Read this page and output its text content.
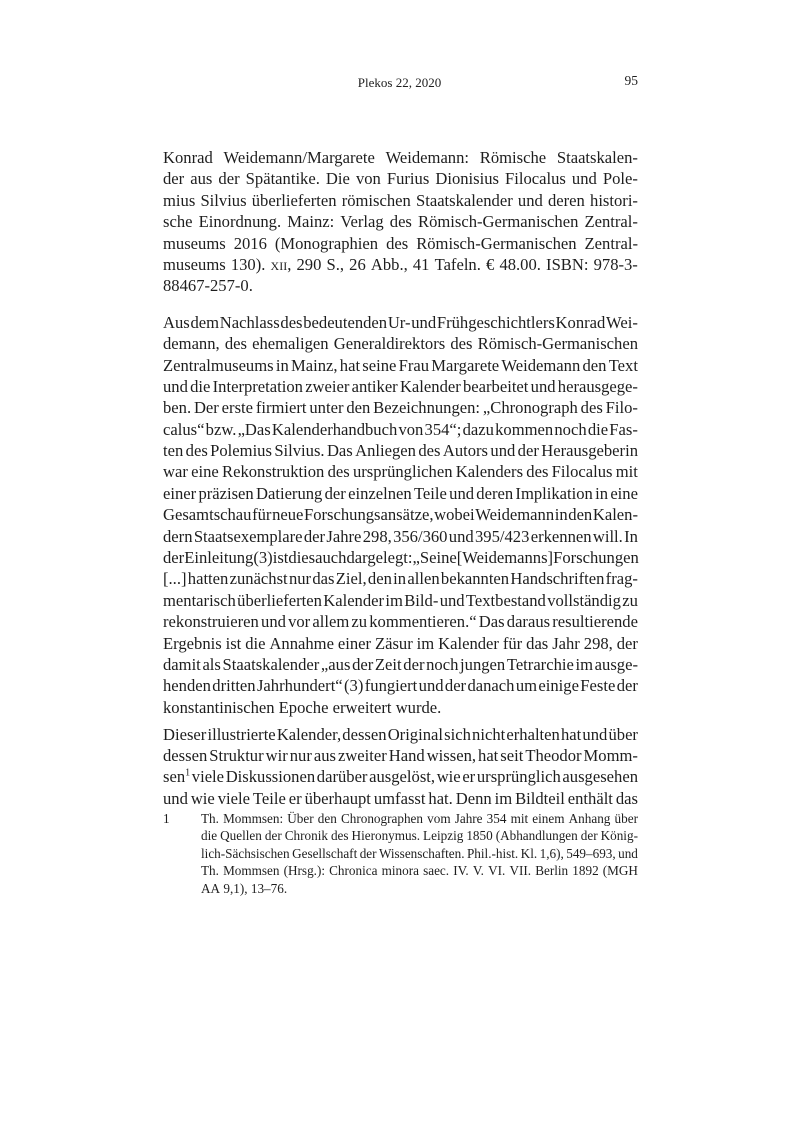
Plekos 22, 2020	95
Konrad Weidemann/Margarete Weidemann: Römische Staatskalen-
der aus der Spätantike. Die von Furius Dionisius Filocalus und Pole-
mius Silvius überlieferten römischen Staatskalender und deren histori-
sche Einordnung. Mainz: Verlag des Römisch-Germanischen Zentral-
museums 2016 (Monographien des Römisch-Germanischen Zentral-
museums 130). xii, 290 S., 26 Abb., 41 Tafeln. € 48.00. ISBN: 978-3-
88467-257-0.
Aus dem Nachlass des bedeutenden Ur- und Frühgeschichtlers Konrad Wei-
demann, des ehemaligen Generaldirektors des Römisch-Germanischen
Zentralmuseums in Mainz, hat seine Frau Margarete Weidemann den Text
und die Interpretation zweier antiker Kalender bearbeitet und herausgege-
ben. Der erste firmiert unter den Bezeichnungen: „Chronograph des Filo-
calus“ bzw. „Das Kalenderhandbuch von 354“; dazu kommen noch die Fas-
ten des Polemius Silvius. Das Anliegen des Autors und der Herausgeberin
war eine Rekonstruktion des ursprünglichen Kalenders des Filocalus mit
einer präzisen Datierung der einzelnen Teile und deren Implikation in eine
Gesamtschau für neue Forschungsansätze, wobei Weidemann in den Kalen-
dern Staatsexemplare der Jahre 298, 356/360 und 395/423 erkennen will. In
der Einleitung (3) ist dies auch dargelegt: „Seine [Weidemanns] Forschungen
[...] hatten zunächst nur das Ziel, den in allen bekannten Handschriften frag-
mentarisch überlieferten Kalender im Bild- und Textbestand vollständig zu
rekonstruieren und vor allem zu kommentieren.“ Das daraus resultierende
Ergebnis ist die Annahme einer Zäsur im Kalender für das Jahr 298, der
damit als Staatskalender „aus der Zeit der noch jungen Tetrarchie im ausge-
henden dritten Jahrhundert“ (3) fungiert und der danach um einige Feste der
konstantinischen Epoche erweitert wurde.
Dieser illustrierte Kalender, dessen Original sich nicht erhalten hat und über
dessen Struktur wir nur aus zweiter Hand wissen, hat seit Theodor Momm-
sen$^1$ viele Diskussionen darüber ausgelöst, wie er ursprünglich ausgesehen
und wie viele Teile er überhaupt umfasst hat. Denn im Bildteil enthält das
1	Th. Mommsen: Über den Chronographen vom Jahre 354 mit einem Anhang über
die Quellen der Chronik des Hieronymus. Leipzig 1850 (Abhandlungen der König-
lich-Sächsischen Gesellschaft der Wissenschaften. Phil.-hist. Kl. 1,6), 549–693, und
Th. Mommsen (Hrsg.): Chronica minora saec. IV. V. VI. VII. Berlin 1892 (MGH
AA 9,1), 13–76.
